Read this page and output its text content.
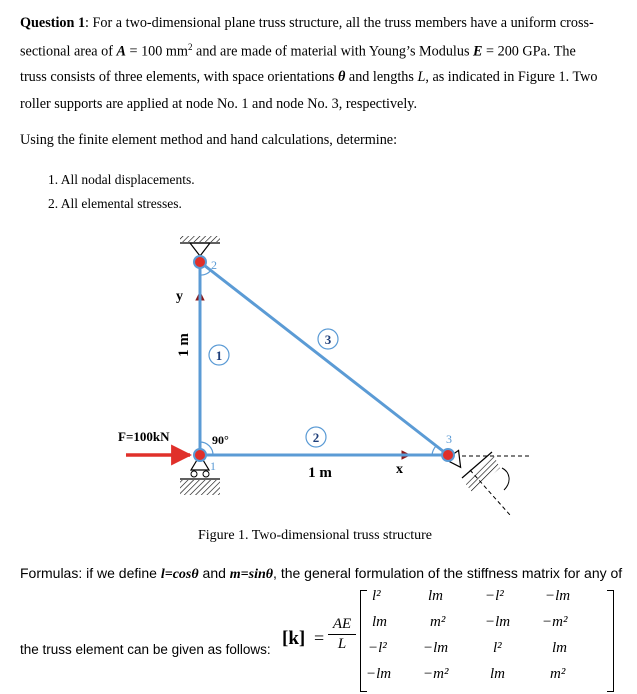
Question 1: For a two-dimensional plane truss structure, all the truss members have a uniform cross-
sectional area of A = 100 $mm^2$ and are made of material with Young’s Modulus E = 200 GPa. The
truss consists of three elements, with space orientations θ and lengths L, as indicated in Figure 1. Two
roller supports are applied at node No. 1 and node No. 3, respectively.
Using the finite element method and hand calculations, determine:
1. All nodal displacements.
2. All elemental stresses.
1
2
3
2
1
3
y
x
1 m
1 m
90°
F=100kN
Figure 1. Two-dimensional truss structure
Formulas: if we define l=cosθ and m=sinθ, the general formulation of the stiffness matrix for any of
the truss element can be given as follows:
[k] =
AE
L
l²	lm	−l²	−lm
lm	m²	−lm −m²
−l² −lm	l²	lm
−lm −m²	lm	m²
